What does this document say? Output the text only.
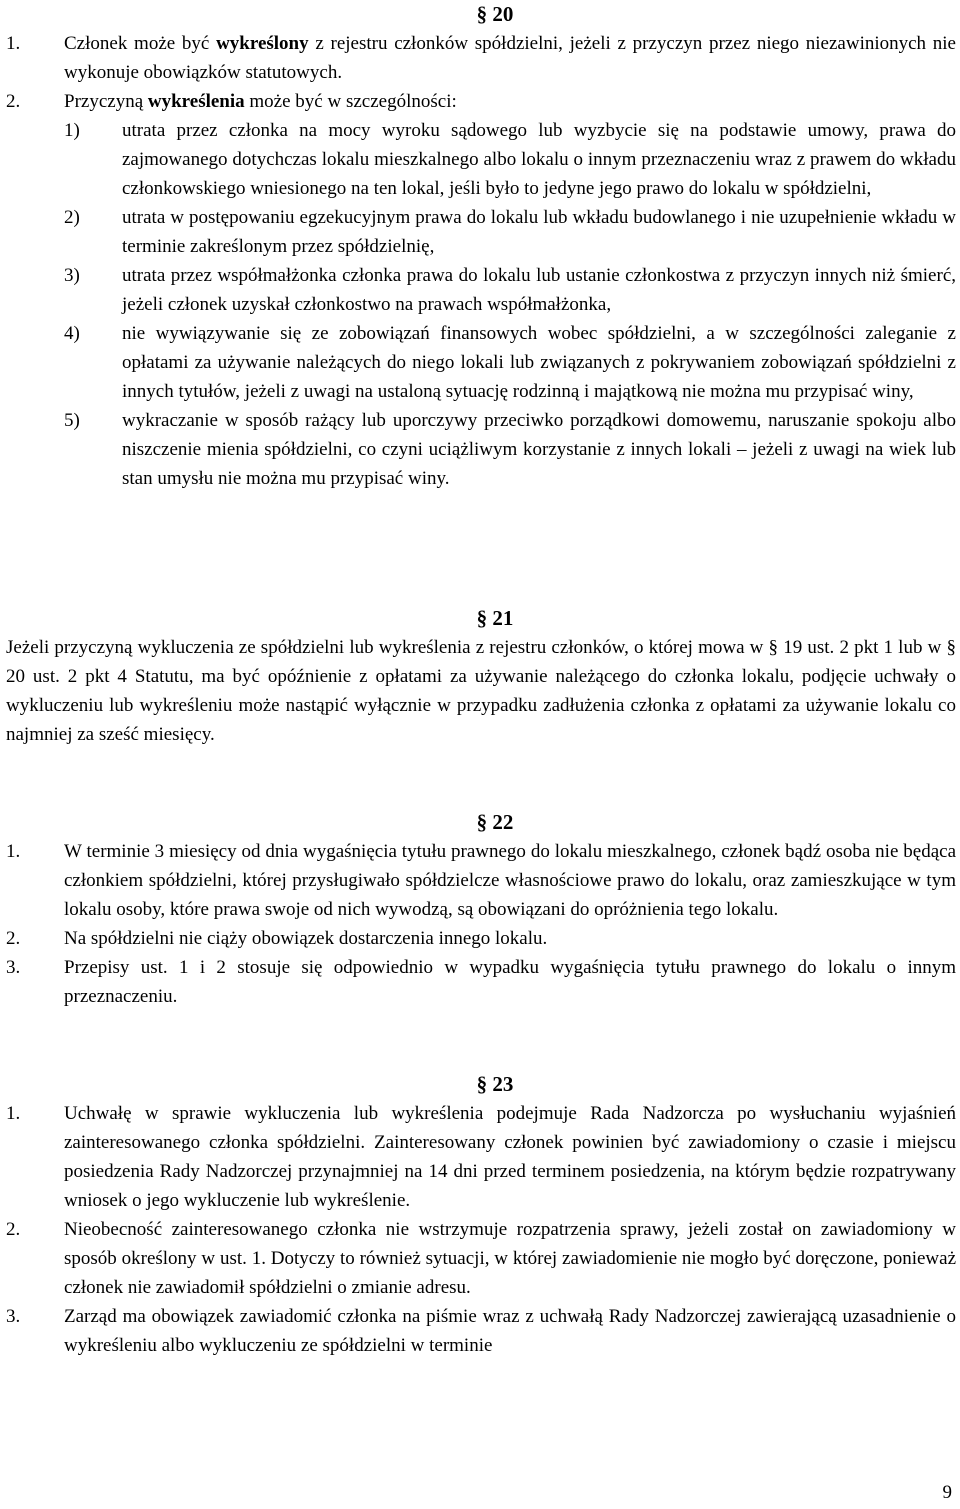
§ 20
1.	Członek może być wykreślony z rejestru członków spółdzielni, jeżeli z przyczyn przez niego niezawinionych nie wykonuje obowiązków statutowych.
2.	Przyczyną wykreślenia może być w szczególności:
1)	utrata przez członka na mocy wyroku sądowego lub wyzbycie się na podstawie umowy, prawa do zajmowanego dotychczas lokalu mieszkalnego albo lokalu o innym przeznaczeniu wraz z prawem do wkładu członkowskiego wniesionego na ten lokal, jeśli było to jedyne jego prawo do lokalu w spółdzielni,
2)	utrata w postępowaniu egzekucyjnym prawa do lokalu lub wkładu budowlanego i nie uzupełnienie wkładu w terminie zakreślonym przez spółdzielnię,
3)	utrata przez współmałżonka członka prawa do lokalu lub ustanie członkostwa z przyczyn innych niż śmierć, jeżeli członek uzyskał członkostwo na prawach współmałżonka,
4)	nie wywiązywanie się ze zobowiązań finansowych wobec spółdzielni, a w szczególności zaleganie z opłatami za używanie należących do niego lokali lub związanych z pokrywaniem zobowiązań spółdzielni z innych tytułów, jeżeli z uwagi na ustaloną sytuację rodzinną i majątkową nie można mu przypisać winy,
5)	wykraczanie w sposób rażący lub uporczywy przeciwko porządkowi domowemu, naruszanie spokoju albo niszczenie mienia spółdzielni, co czyni uciążliwym korzystanie z innych lokali – jeżeli z uwagi na wiek lub stan umysłu nie można mu przypisać winy.
§ 21
Jeżeli przyczyną wykluczenia ze spółdzielni lub wykreślenia z rejestru członków, o której mowa w § 19 ust. 2 pkt 1 lub w § 20 ust. 2 pkt 4 Statutu, ma być opóźnienie z opłatami za używanie należącego do członka lokalu, podjęcie uchwały o wykluczeniu lub wykreśleniu może nastąpić wyłącznie w przypadku zadłużenia członka z opłatami za używanie lokalu co najmniej za sześć miesięcy.
§ 22
1.	W terminie 3 miesięcy od dnia wygaśnięcia tytułu prawnego do lokalu mieszkalnego, członek bądź osoba nie będąca członkiem spółdzielni, której przysługiwało spółdzielcze własnościowe prawo do lokalu, oraz zamieszkujące w tym lokalu osoby, które prawa swoje od nich wywodzą, są obowiązani do opróżnienia tego lokalu.
2.	Na spółdzielni nie ciąży obowiązek dostarczenia innego lokalu.
3.	Przepisy ust. 1 i 2 stosuje się odpowiednio w wypadku wygaśnięcia tytułu prawnego do lokalu o innym przeznaczeniu.
§ 23
1.	Uchwałę w sprawie wykluczenia lub wykreślenia podejmuje Rada Nadzorcza po wysłuchaniu wyjaśnień zainteresowanego członka spółdzielni. Zainteresowany członek powinien być zawiadomiony o czasie i miejscu posiedzenia Rady Nadzorczej przynajmniej na 14 dni przed terminem posiedzenia, na którym będzie rozpatrywany wniosek o jego wykluczenie lub wykreślenie.
2.	Nieobecność zainteresowanego członka nie wstrzymuje rozpatrzenia sprawy, jeżeli został on zawiadomiony w sposób określony w ust. 1. Dotyczy to również sytuacji, w której zawiadomienie nie mogło być doręczone, ponieważ członek nie zawiadomił spółdzielni o zmianie adresu.
3.	Zarząd ma obowiązek zawiadomić członka na piśmie wraz z uchwałą Rady Nadzorczej zawierającą uzasadnienie o wykreśleniu albo wykluczeniu ze spółdzielni w terminie
9
